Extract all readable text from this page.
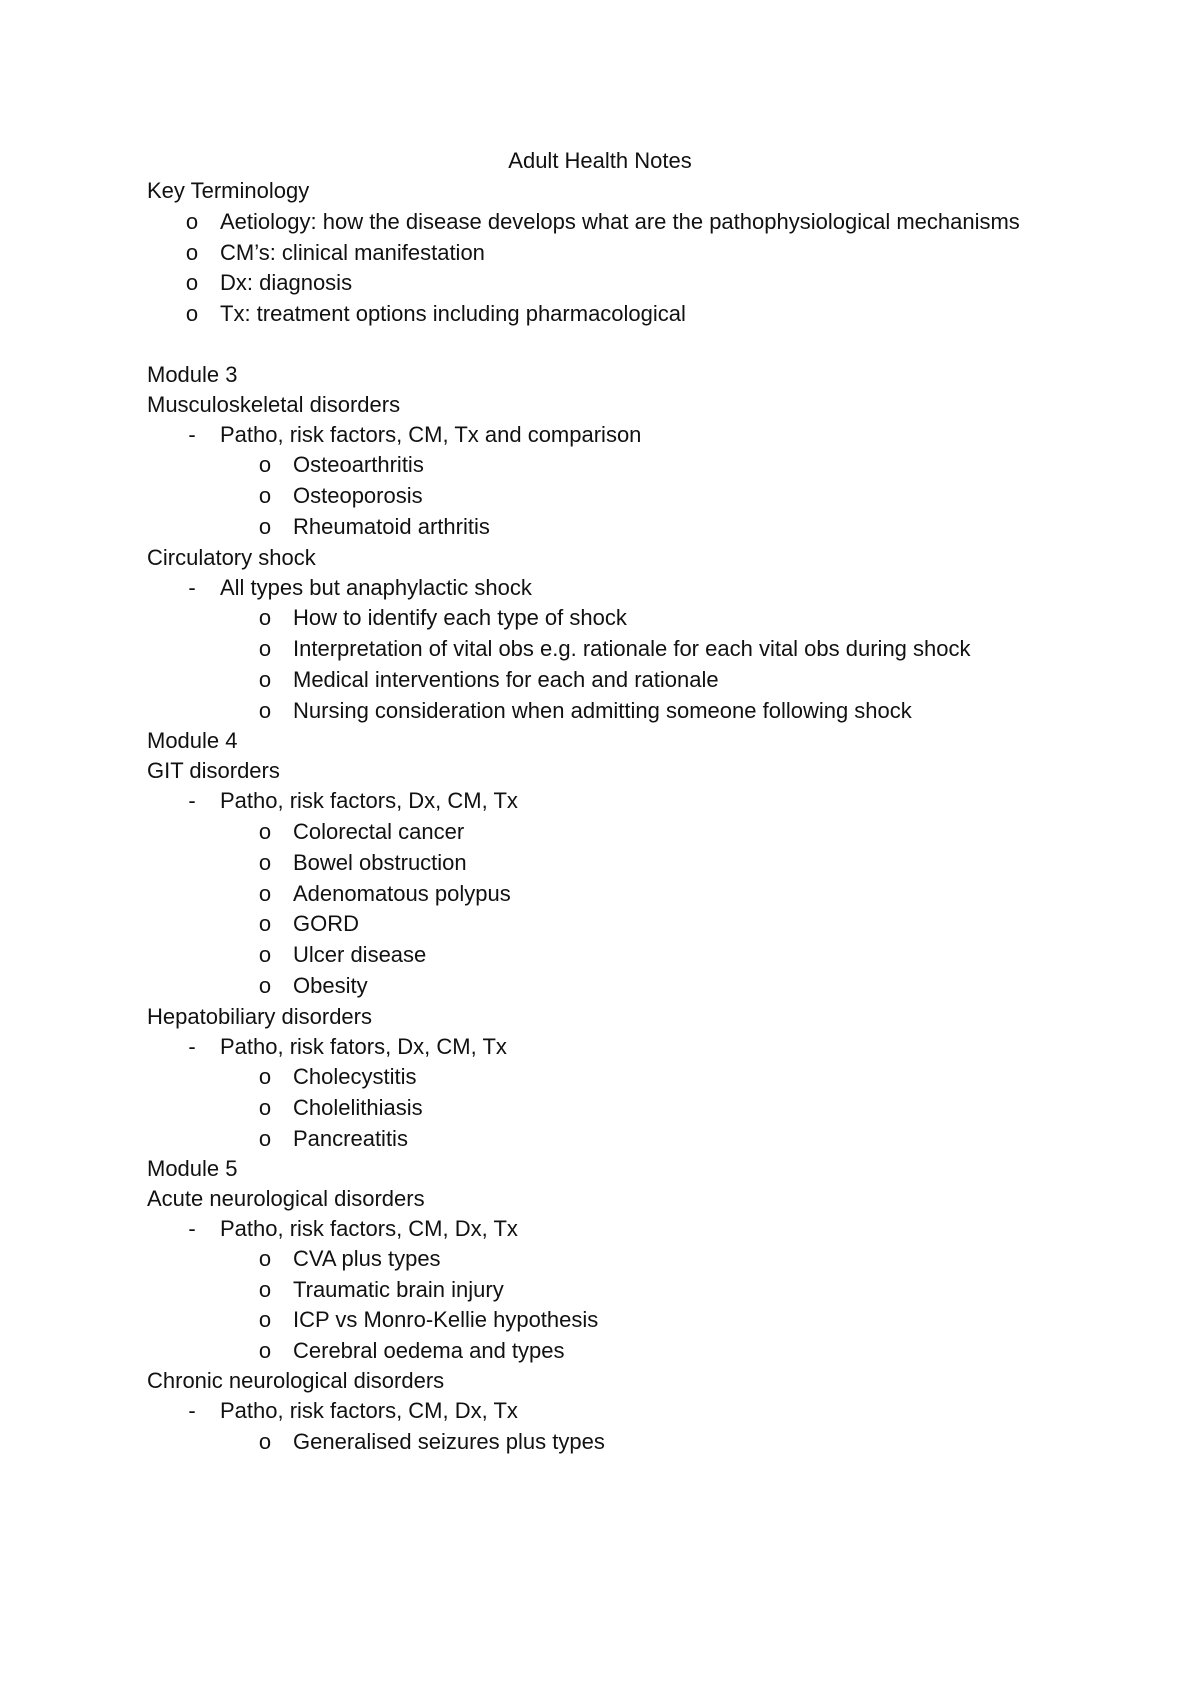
Adult Health Notes
Key Terminology
o Aetiology: how the disease develops what are the pathophysiological mechanisms
o CM’s: clinical manifestation
o Dx: diagnosis
o Tx: treatment options including pharmacological
Module 3
Musculoskeletal disorders
- Patho, risk factors, CM, Tx and comparison
o Osteoarthritis
o Osteoporosis
o Rheumatoid arthritis
Circulatory shock
- All types but anaphylactic shock
o How to identify each type of shock
o Interpretation of vital obs e.g. rationale for each vital obs during shock
o Medical interventions for each and rationale
o Nursing consideration when admitting someone following shock
Module 4
GIT disorders
- Patho, risk factors, Dx, CM, Tx
o Colorectal cancer
o Bowel obstruction
o Adenomatous polypus
o GORD
o Ulcer disease
o Obesity
Hepatobiliary disorders
- Patho, risk fators, Dx, CM, Tx
o Cholecystitis
o Cholelithiasis
o Pancreatitis
Module 5
Acute neurological disorders
- Patho, risk factors, CM, Dx, Tx
o CVA plus types
o Traumatic brain injury
o ICP vs Monro-Kellie hypothesis
o Cerebral oedema and types
Chronic neurological disorders
- Patho, risk factors, CM, Dx, Tx
o Generalised seizures plus types
